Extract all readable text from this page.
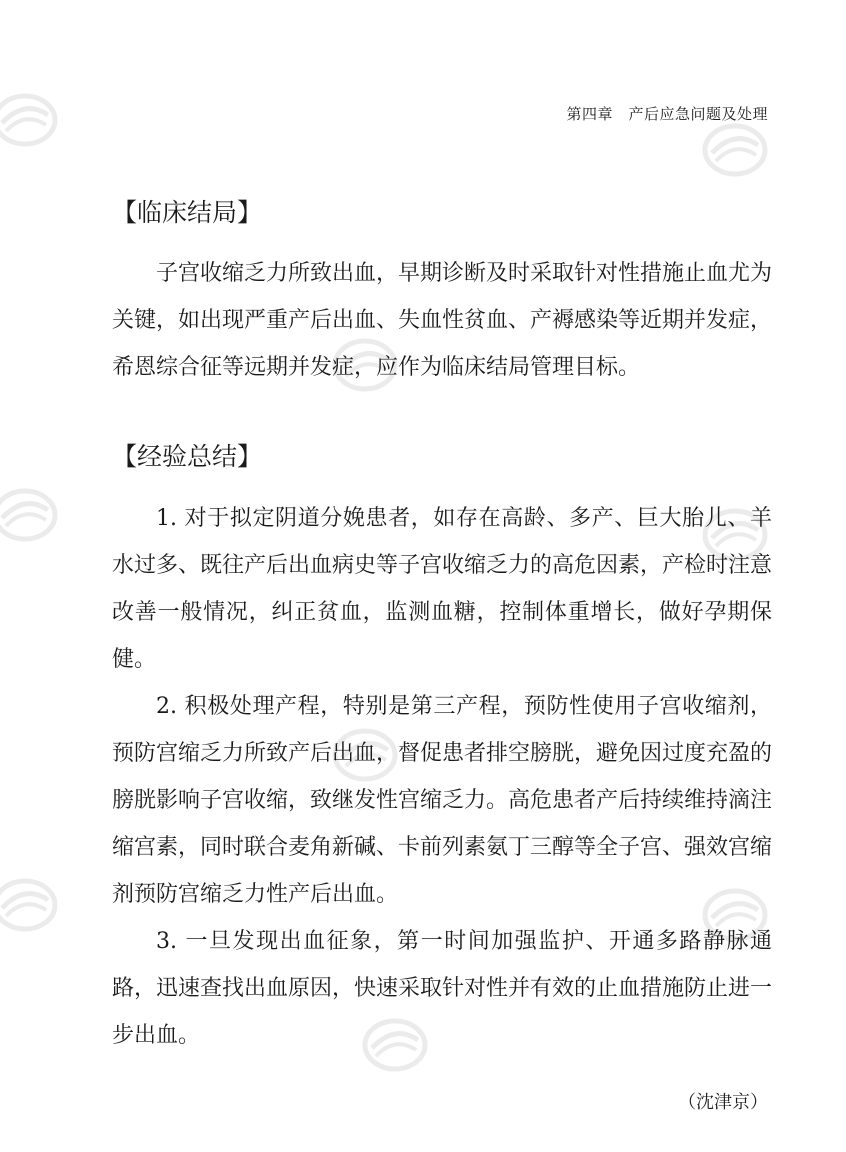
第四章　产后应急问题及处理
【临床结局】

子宫收缩乏力所致出血，早期诊断及时采取针对性措施止血尤为关键，如出现严重产后出血、失血性贫血、产褥感染等近期并发症，希恩综合征等远期并发症，应作为临床结局管理目标。

【经验总结】

1. 对于拟定阴道分娩患者，如存在高龄、多产、巨大胎儿、羊水过多、既往产后出血病史等子宫收缩乏力的高危因素，产检时注意改善一般情况，纠正贫血，监测血糖，控制体重增长，做好孕期保健。

2. 积极处理产程，特别是第三产程，预防性使用子宫收缩剂，预防宫缩乏力所致产后出血，督促患者排空膀胱，避免因过度充盈的膀胱影响子宫收缩，致继发性宫缩乏力。高危患者产后持续维持滴注缩宫素，同时联合麦角新碱、卡前列素氨丁三醇等全子宫、强效宫缩剂预防宫缩乏力性产后出血。

3. 一旦发现出血征象，第一时间加强监护、开通多路静脉通路，迅速查找出血原因，快速采取针对性并有效的止血措施防止进一步出血。

（沈津京）
